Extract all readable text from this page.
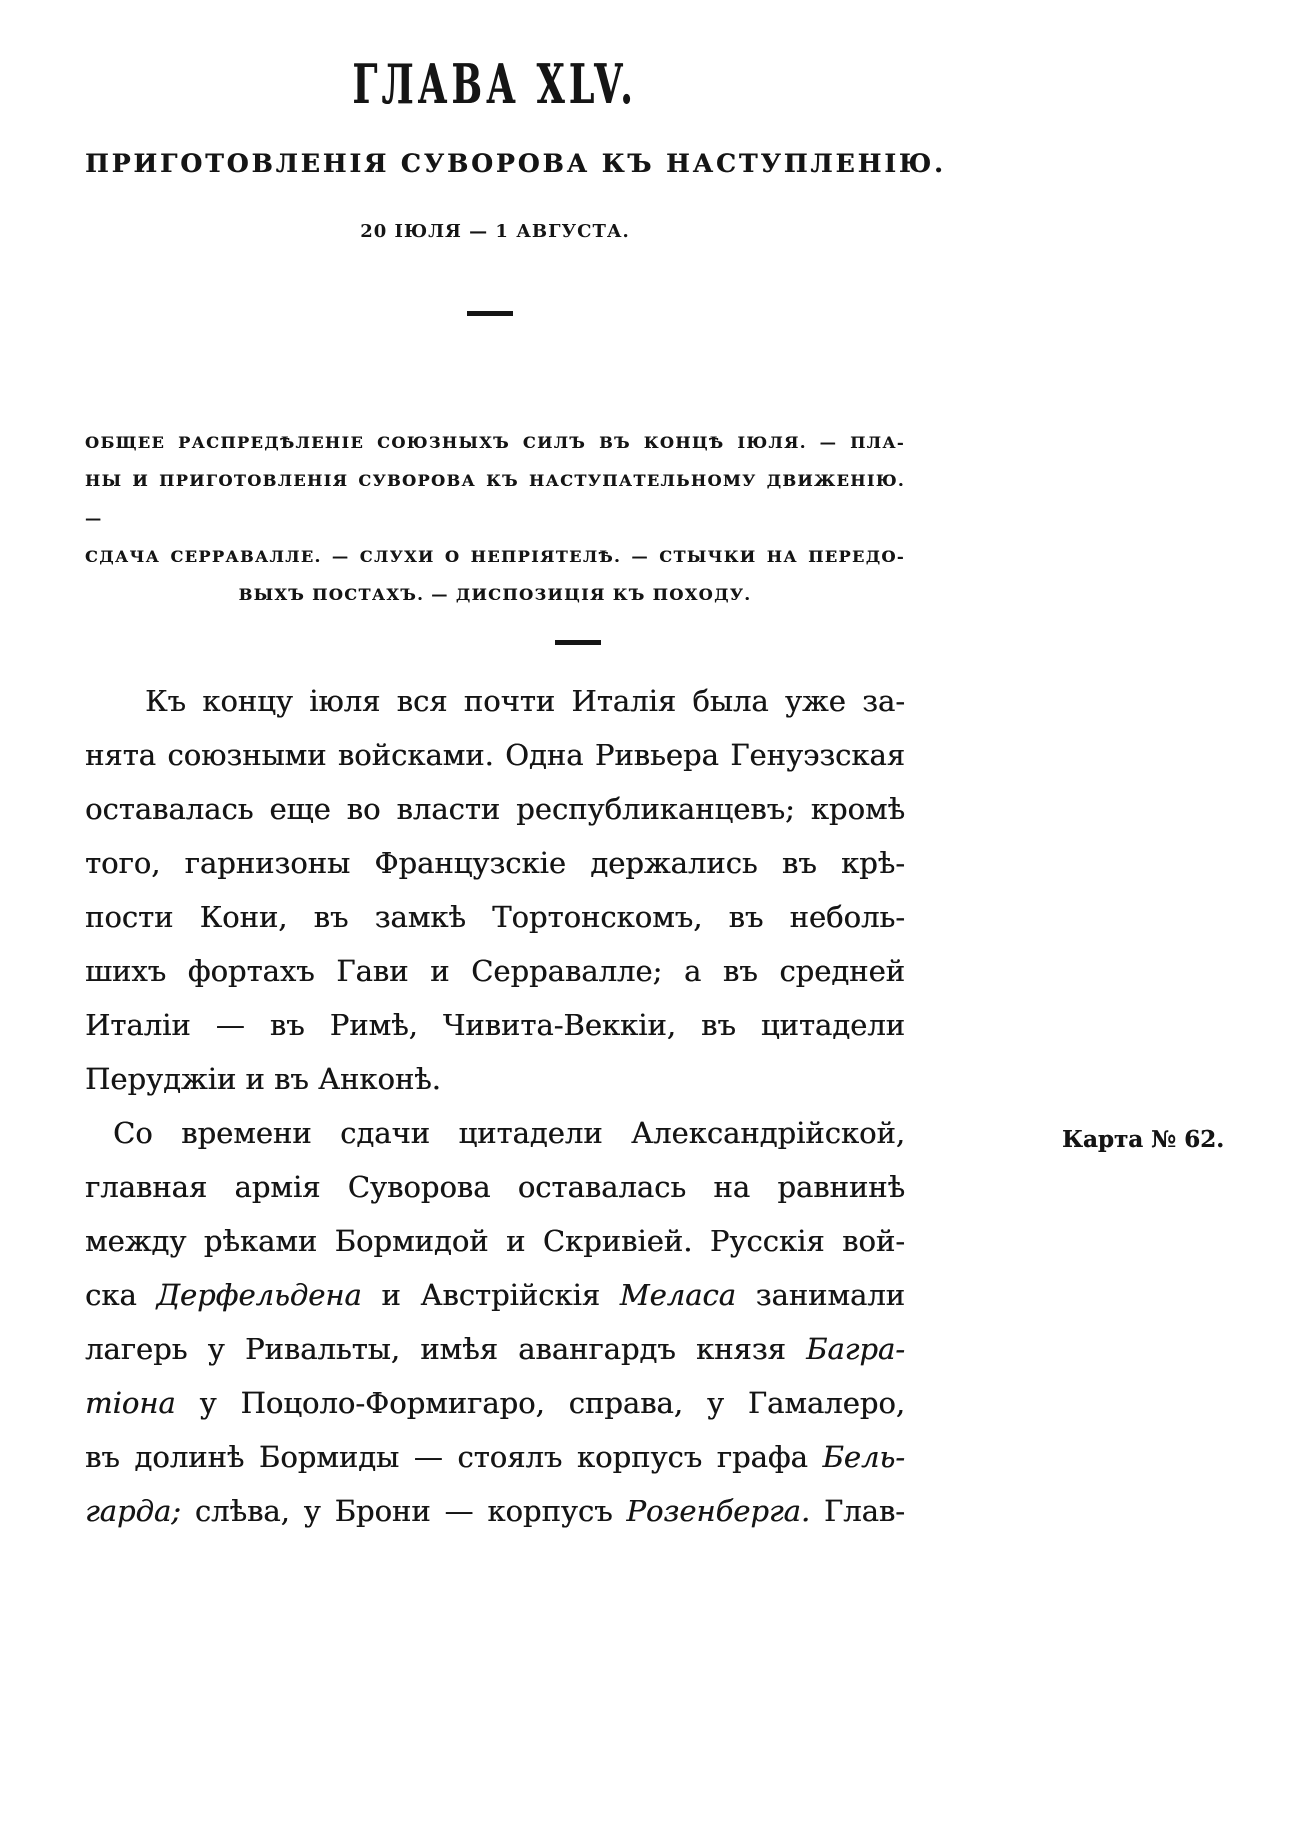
ГЛАВА XLV.
ПРИГОТОВЛЕНІЯ СУВОРОВА КЪ НАСТУПЛЕНІЮ.
20 ІЮЛЯ — 1 АВГУСТА.
ОБЩЕЕ РАСПРЕДѢЛЕНІЕ СОЮЗНЫХЪ СИЛЪ ВЪ КОНЦѢ ІЮЛЯ. — ПЛА-
НЫ И ПРИГОТОВЛЕНІЯ СУВОРОВА КЪ НАСТУПАТЕЛЬНОМУ ДВИЖЕНІЮ. —
СДАЧА СЕРРАВАЛЛЕ. — СЛУХИ О НЕПРІЯТЕЛѢ. — СТЫЧКИ НА ПЕРЕДО-
ВЫХЪ ПОСТАХЪ. — ДИСПОЗИЦІЯ КЪ ПОХОДУ.
Къ концу іюля вся почти Италія была уже за-
нята союзными войсками. Одна Ривьера Генуэзская
оставалась еще во власти республиканцевъ; кромѣ
того, гарнизоны Французскіе держались въ крѣ-
пости Кони, въ замкѣ Тортонскомъ, въ неболь-
шихъ фортахъ Гави и Серравалле; а въ средней
Италіи — въ Римѣ, Чивита-Веккіи, въ цитадели
Перуджіи и въ Анконѣ.
Со времени сдачи цитадели Александрійской,
главная армія Суворова оставалась на равнинѣ
между рѣками Бормидой и Скривіей. Русскія вой-
ска Дерфельдена и Австрійскія Меласа занимали
лагерь у Ривальты, имѣя авангардъ князя Багра-
тіона у Поцоло-Формигаро, справа, у Гамалеро,
въ долинѣ Бормиды — стоялъ корпусъ графа Бель-
гарда; слѣва, у Брони — корпусъ Розенберга. Глав-
Карта № 62.
